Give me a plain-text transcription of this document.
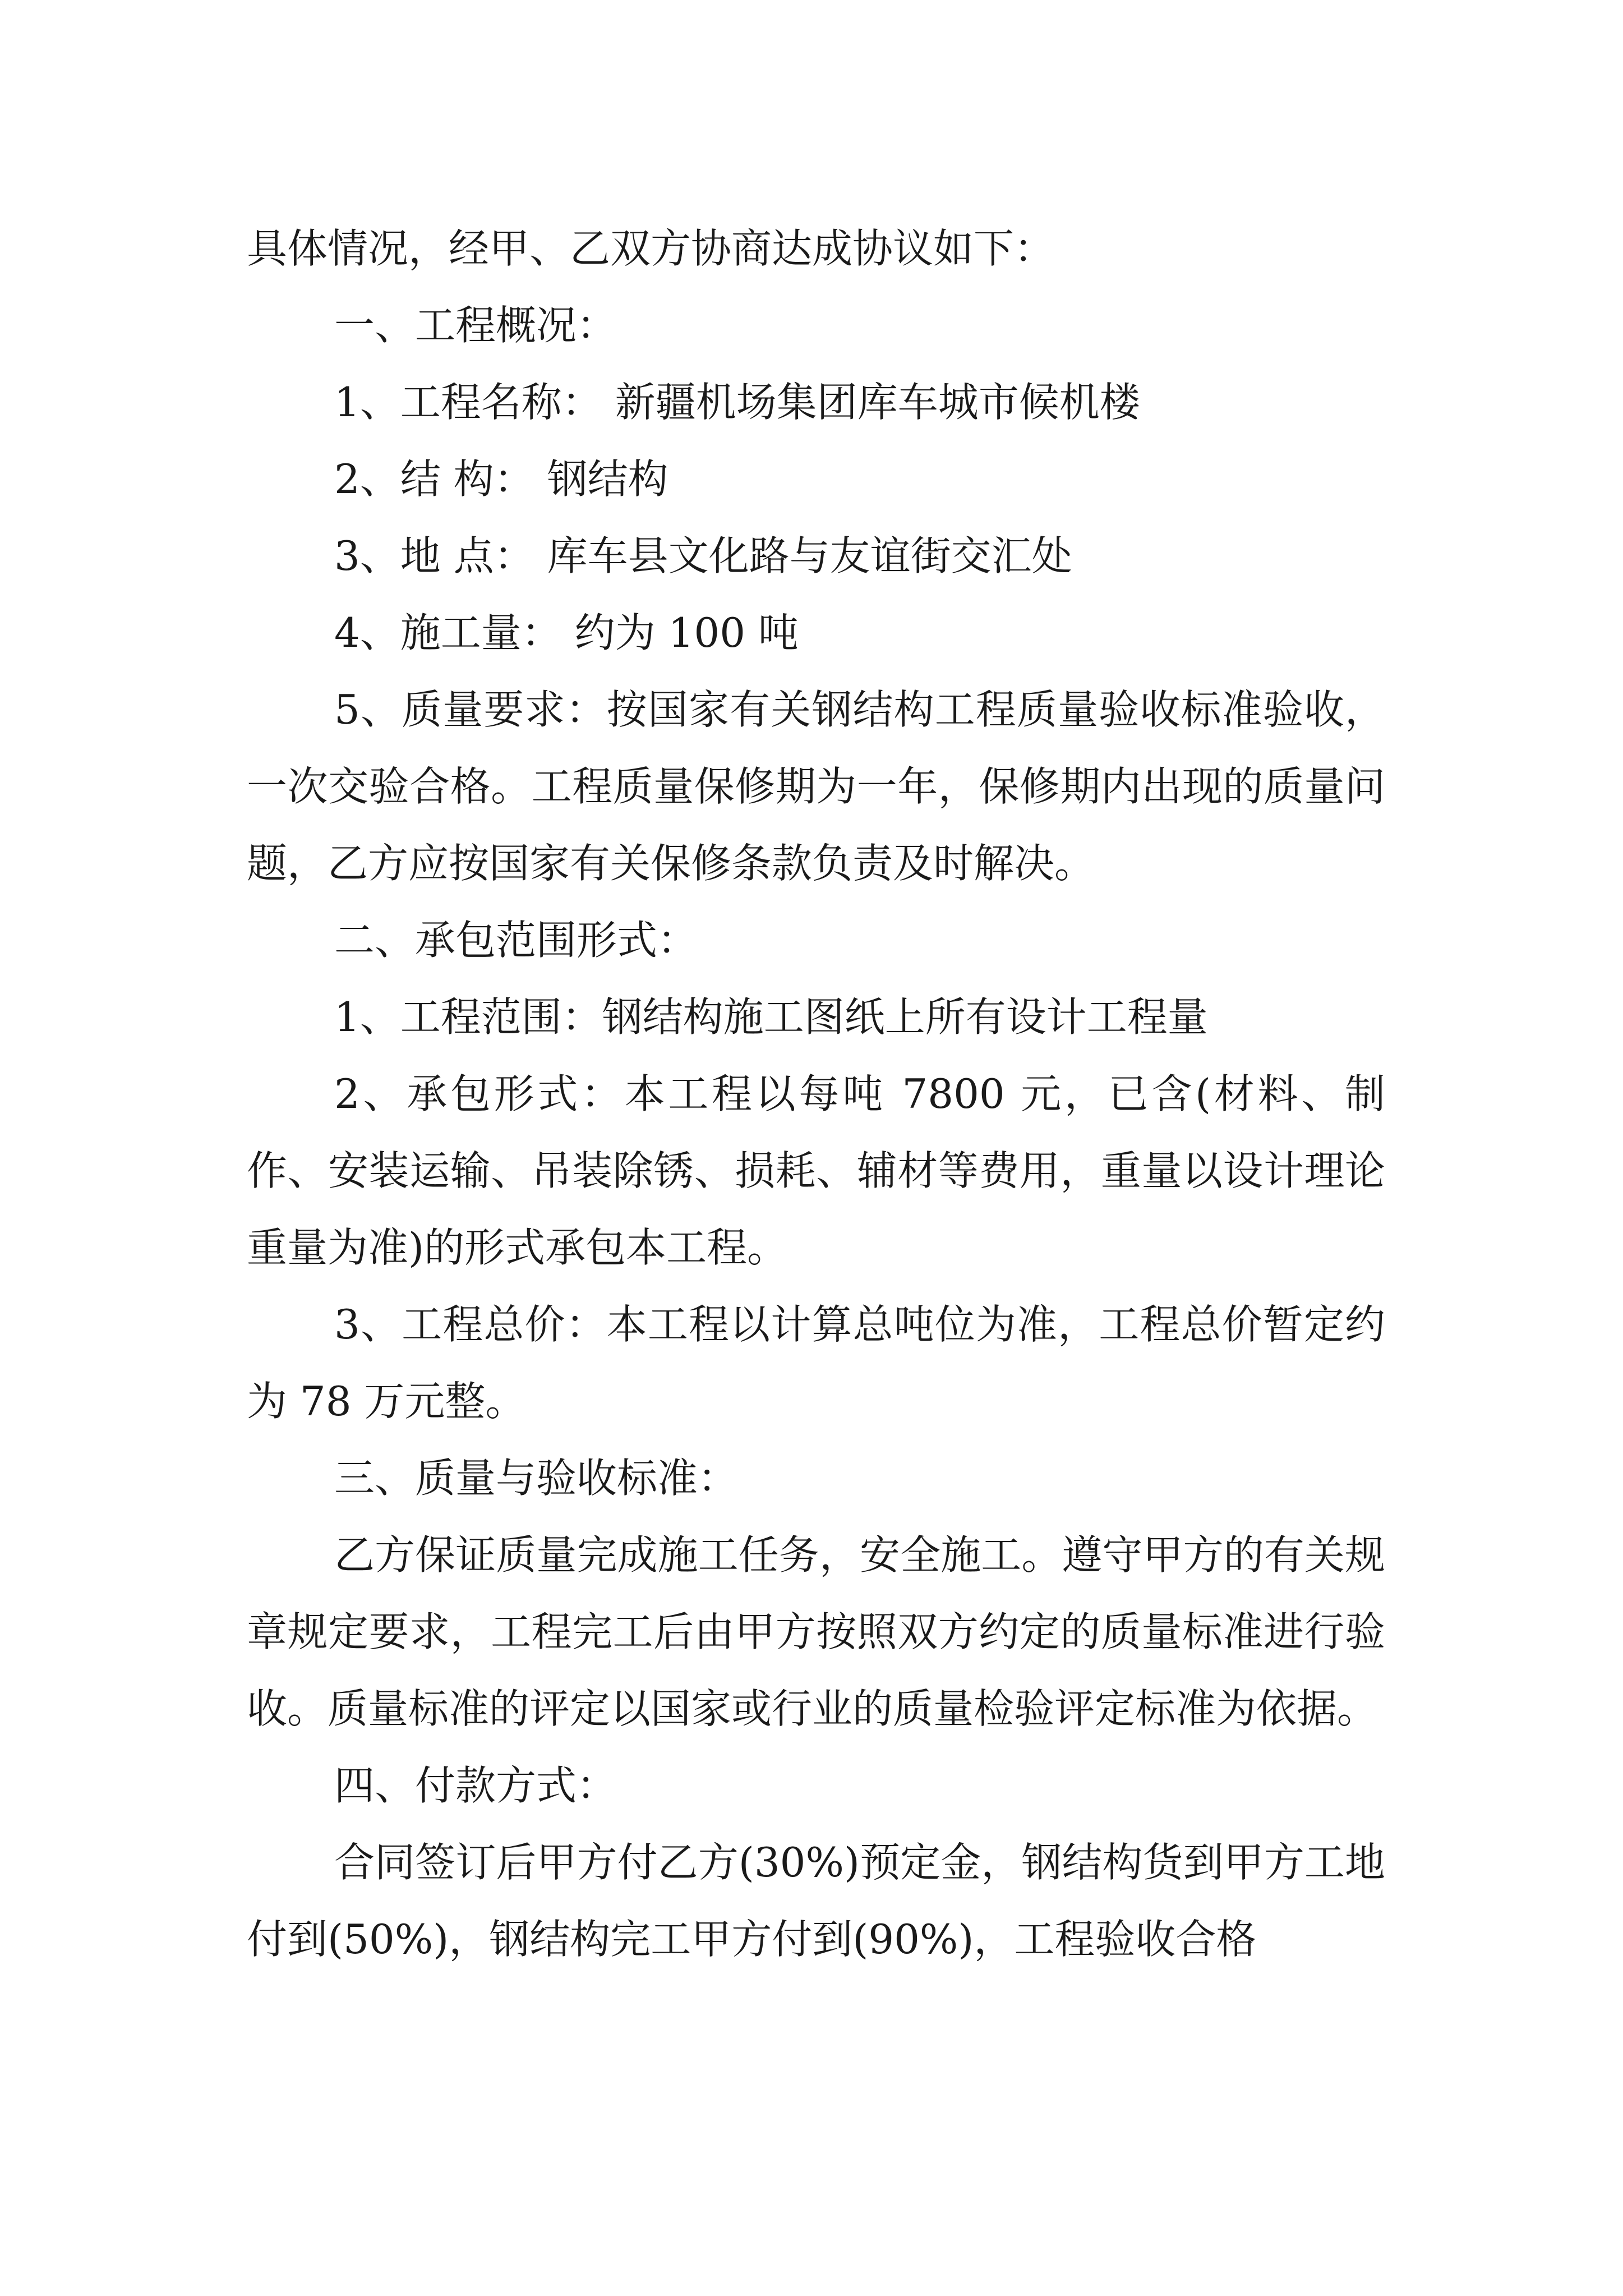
具体情况，经甲、乙双方协商达成协议如下：

一、工程概况：

1、工程名称： 新疆机场集团库车城市候机楼

2、结 构： 钢结构

3、地 点： 库车县文化路与友谊街交汇处

4、施工量： 约为 100 吨

5、质量要求：按国家有关钢结构工程质量验收标准验收，一次交验合格。工程质量保修期为一年，保修期内出现的质量问题，乙方应按国家有关保修条款负责及时解决。

二、承包范围形式：

1、工程范围：钢结构施工图纸上所有设计工程量

2、承包形式：本工程以每吨 7800 元，已含(材料、制作、安装运输、吊装除锈、损耗、辅材等费用，重量以设计理论重量为准)的形式承包本工程。

3、工程总价：本工程以计算总吨位为准，工程总价暂定约为 78 万元整。

三、质量与验收标准：

乙方保证质量完成施工任务，安全施工。遵守甲方的有关规章规定要求，工程完工后由甲方按照双方约定的质量标准进行验收。质量标准的评定以国家或行业的质量检验评定标准为依据。

四、付款方式：

合同签订后甲方付乙方(30%)预定金，钢结构货到甲方工地付到(50%)，钢结构完工甲方付到(90%)，工程验收合格
